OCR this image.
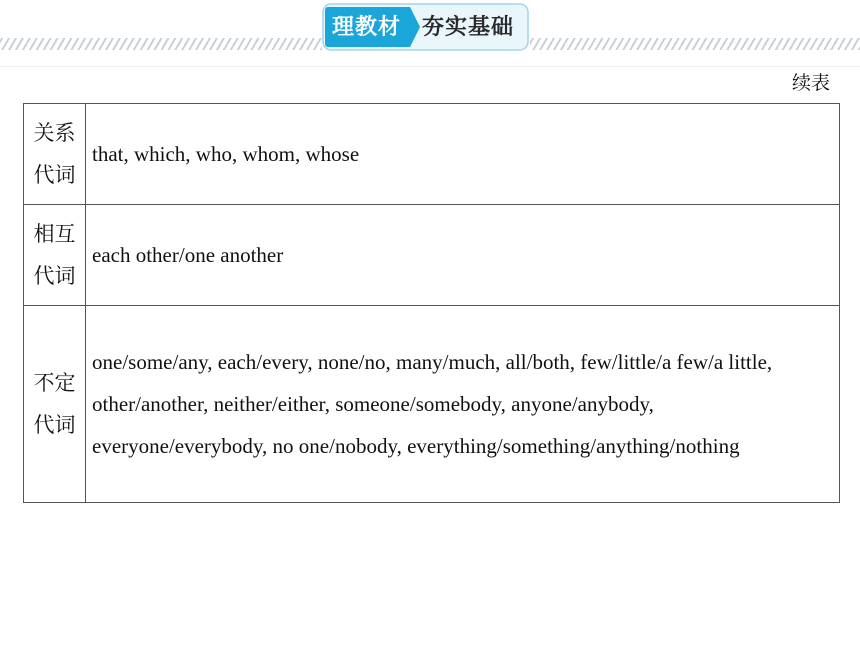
理教材 夯实基础
续表
关系
代词	that, which, who, whom, whose

相互
代词	each other/one another

不定
代词	one/some/any, each/every, none/no, many/much, all/both, few/little/a few/a little, other/another, neither/either, someone/somebody, anyone/anybody, everyone/everybody, no one/nobody, everything/something/anything/nothing
